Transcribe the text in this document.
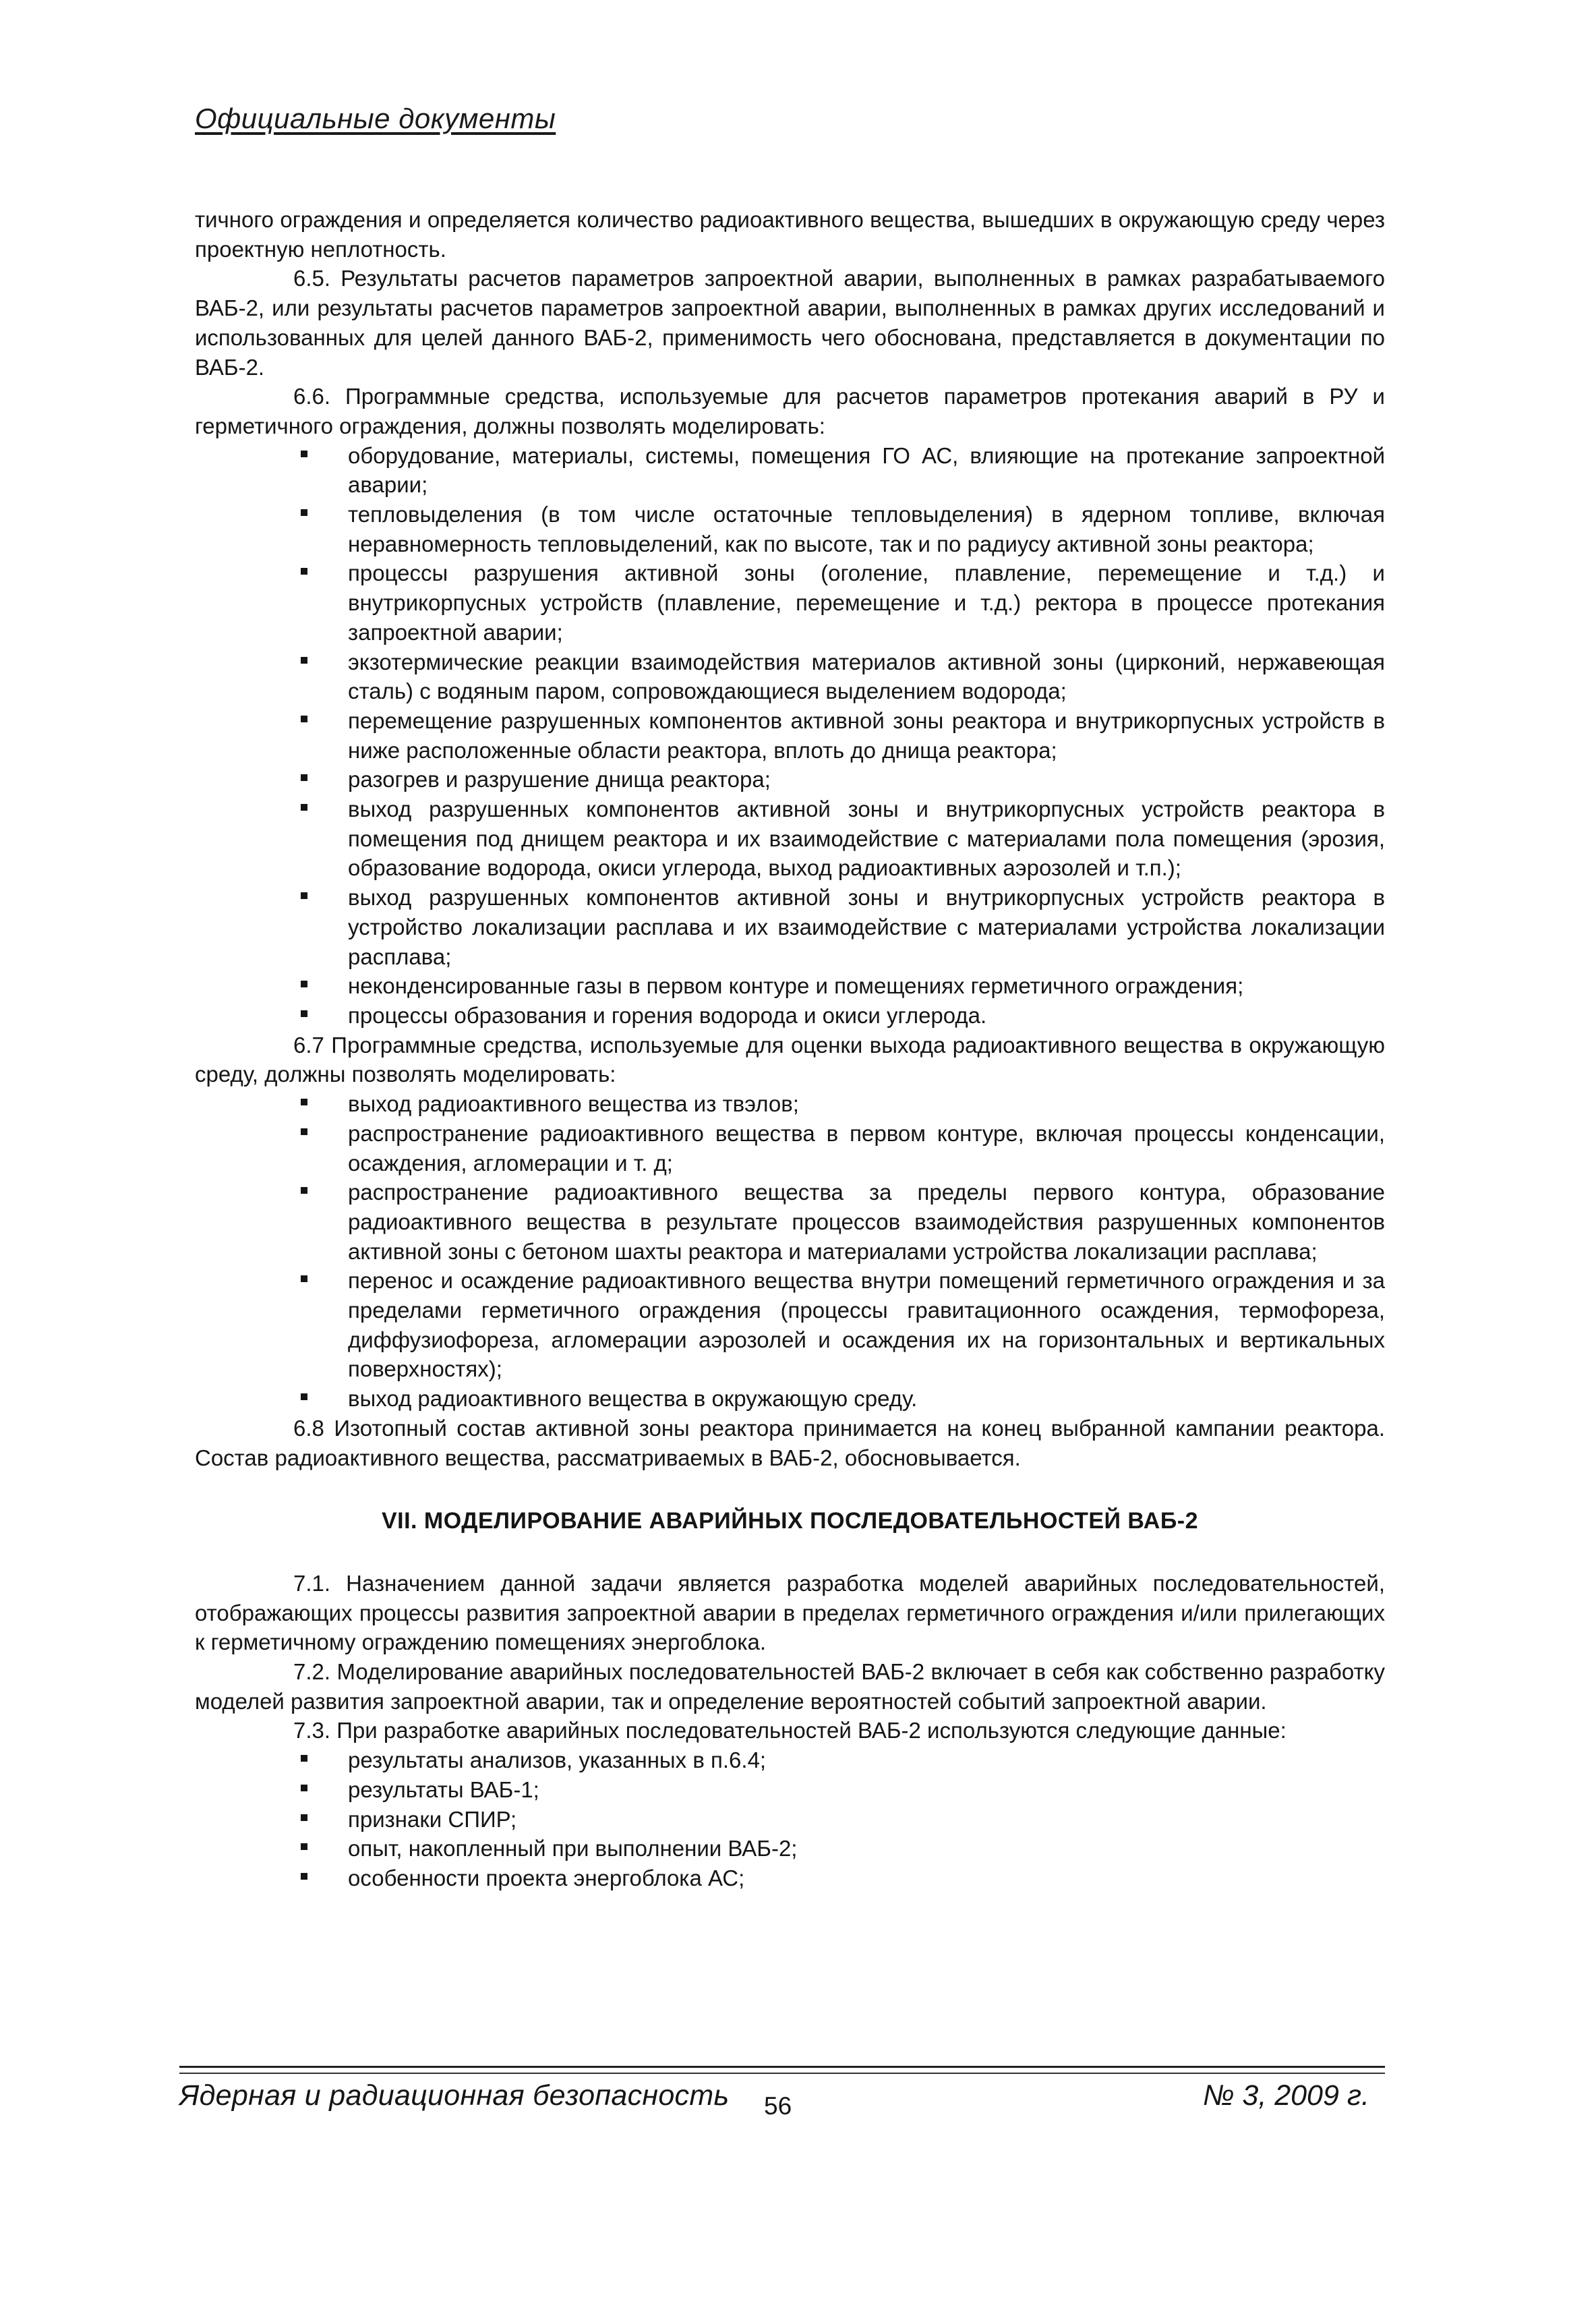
Официальные документы

тичного ограждения и определяется количество радиоактивного вещества, вышедших в окружающую среду через проектную неплотность.

6.5. Результаты расчетов параметров запроектной аварии, выполненных в рамках разрабатываемого ВАБ-2, или результаты расчетов параметров запроектной аварии, выполненных в рамках других исследований и использованных для целей данного ВАБ-2, применимость чего обоснована, представляется в документации по ВАБ-2.

6.6. Программные средства, используемые для расчетов параметров протекания аварий в РУ и герметичного ограждения, должны позволять моделировать:

оборудование, материалы, системы, помещения ГО АС, влияющие на протекание запроектной аварии;
тепловыделения (в том числе остаточные тепловыделения) в ядерном топливе, включая неравномерность тепловыделений, как по высоте, так и по радиусу активной зоны реактора;
процессы разрушения активной зоны (оголение, плавление, перемещение и т.д.) и внутрикорпусных устройств (плавление, перемещение и т.д.) ректора в процессе протекания запроектной аварии;
экзотермические реакции взаимодействия материалов активной зоны (цирконий, нержавеющая сталь) с водяным паром, сопровождающиеся выделением водорода;
перемещение разрушенных компонентов активной зоны реактора и внутрикорпусных устройств в ниже расположенные области реактора, вплоть до днища реактора;
разогрев и разрушение днища реактора;
выход разрушенных компонентов активной зоны и внутрикорпусных устройств реактора в помещения под днищем реактора и их взаимодействие с материалами пола помещения (эрозия, образование водорода, окиси углерода, выход радиоактивных аэрозолей и т.п.);
выход разрушенных компонентов активной зоны и внутрикорпусных устройств реактора в устройство локализации расплава и их взаимодействие с материалами устройства локализации расплава;
неконденсированные газы в первом контуре и помещениях герметичного ограждения;
процессы образования и горения водорода и окиси углерода.

6.7 Программные средства, используемые для оценки выхода радиоактивного вещества в окружающую среду, должны позволять моделировать:

выход радиоактивного вещества из твэлов;
распространение радиоактивного вещества в первом контуре, включая процессы конденсации, осаждения, агломерации и т. д;
распространение радиоактивного вещества за пределы первого контура, образование радиоактивного вещества в результате процессов взаимодействия разрушенных компонентов активной зоны с бетоном шахты реактора и материалами устройства локализации расплава;
перенос и осаждение радиоактивного вещества внутри помещений герметичного ограждения и за пределами герметичного ограждения (процессы гравитационного осаждения, термофореза, диффузиофореза, агломерации аэрозолей и осаждения их на горизонтальных и вертикальных поверхностях);
выход радиоактивного вещества в окружающую среду.

6.8 Изотопный состав активной зоны реактора принимается на конец выбранной кампании реактора. Состав радиоактивного вещества, рассматриваемых в ВАБ-2, обосновывается.

VII. МОДЕЛИРОВАНИЕ АВАРИЙНЫХ ПОСЛЕДОВАТЕЛЬНОСТЕЙ ВАБ-2

7.1. Назначением данной задачи является разработка моделей аварийных последовательностей, отображающих процессы развития запроектной аварии в пределах герметичного ограждения и/или прилегающих к герметичному ограждению помещениях энергоблока.

7.2. Моделирование аварийных последовательностей ВАБ-2 включает в себя как собственно разработку моделей развития запроектной аварии, так и определение вероятностей событий запроектной аварии.

7.3. При разработке аварийных последовательностей ВАБ-2 используются следующие данные:

результаты анализов, указанных в п.6.4;
результаты ВАБ-1;
признаки СПИР;
опыт, накопленный при выполнении ВАБ-2;
особенности проекта энергоблока АС;
Ядерная и радиационная безопасность 56	№ 3, 2009 г.
